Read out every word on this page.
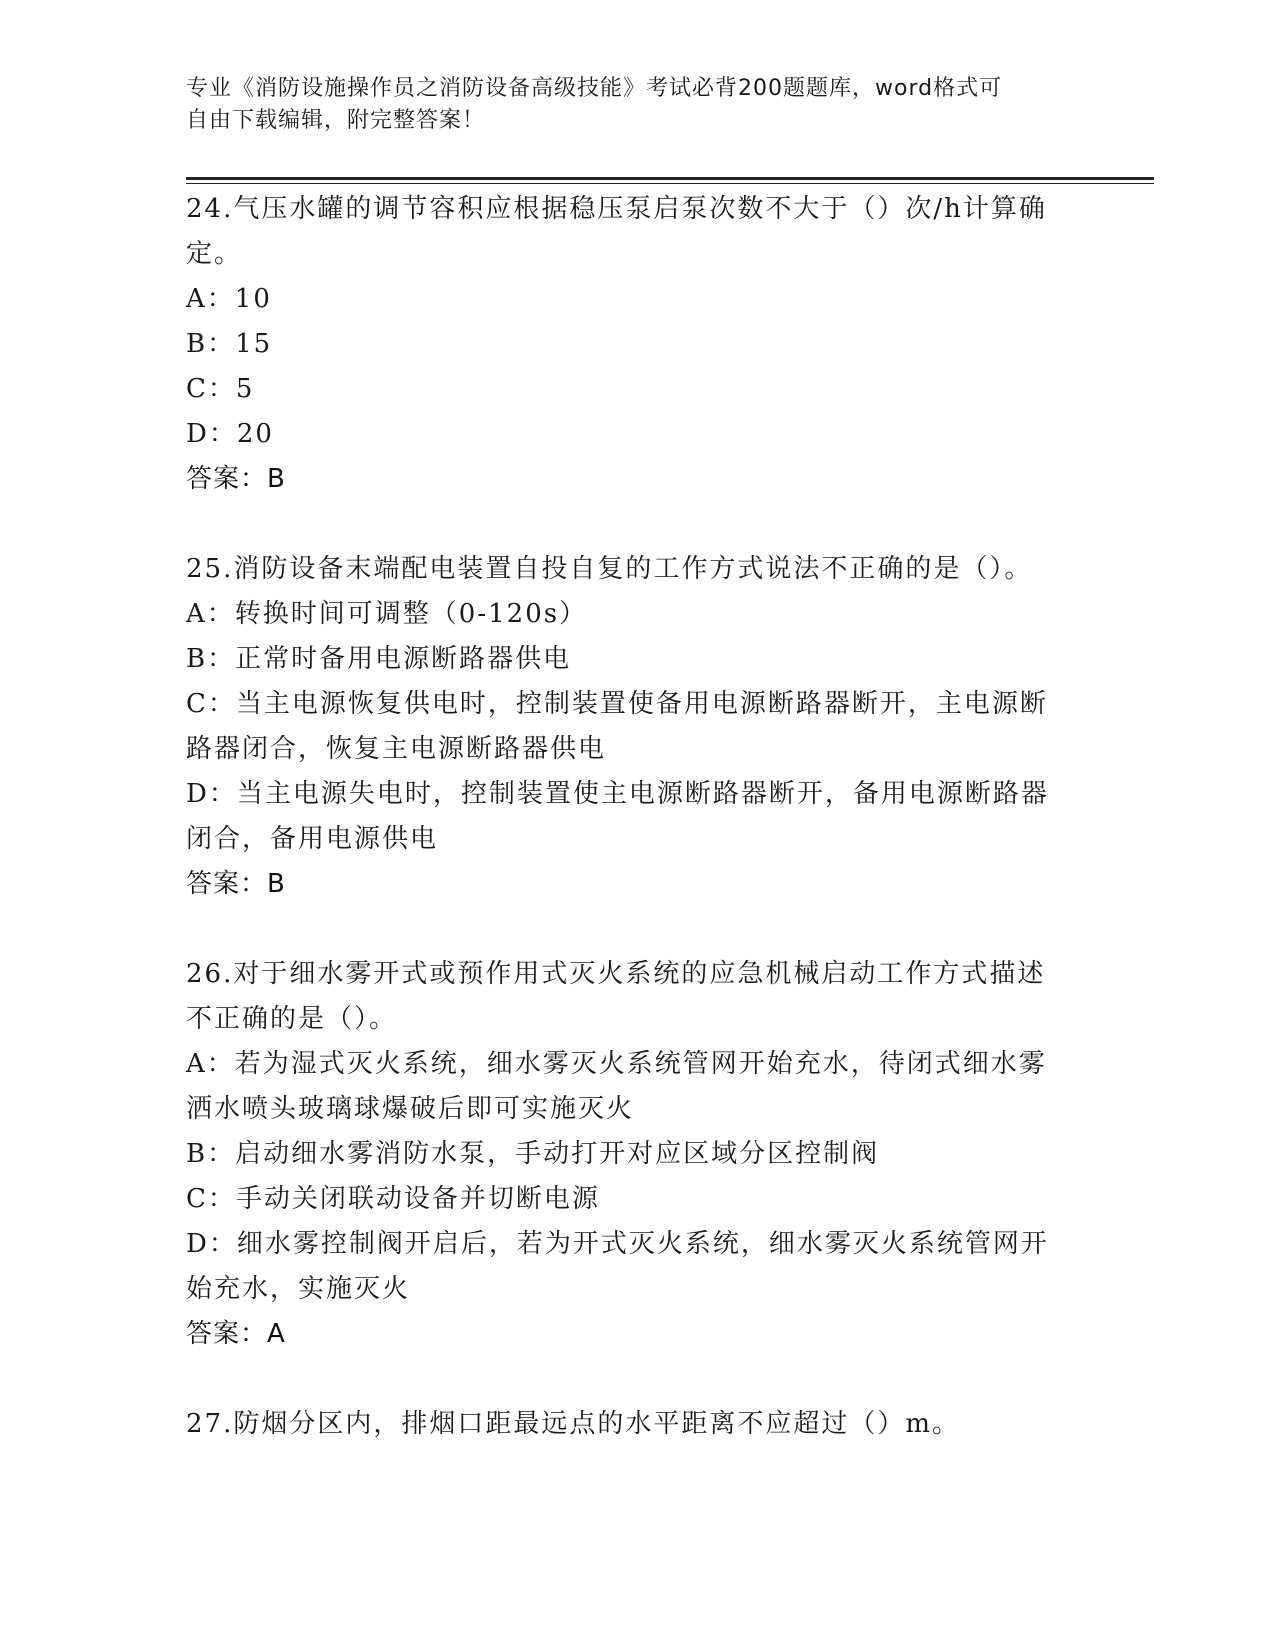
专业《消防设施操作员之消防设备高级技能》考试必背200题题库，word格式可
自由下载编辑，附完整答案！
24.气压水罐的调节容积应根据稳压泵启泵次数不大于（）次/h计算确
定。
A：10
B：15
C：5
D：20
答案：B
25.消防设备末端配电装置自投自复的工作方式说法不正确的是（）。
A：转换时间可调整（0-120s）
B：正常时备用电源断路器供电
C：当主电源恢复供电时，控制装置使备用电源断路器断开，主电源断
路器闭合，恢复主电源断路器供电
D：当主电源失电时，控制装置使主电源断路器断开，备用电源断路器
闭合，备用电源供电
答案：B
26.对于细水雾开式或预作用式灭火系统的应急机械启动工作方式描述
不正确的是（）。
A：若为湿式灭火系统，细水雾灭火系统管网开始充水，待闭式细水雾
洒水喷头玻璃球爆破后即可实施灭火
B：启动细水雾消防水泵，手动打开对应区域分区控制阀
C：手动关闭联动设备并切断电源
D：细水雾控制阀开启后，若为开式灭火系统，细水雾灭火系统管网开
始充水，实施灭火
答案：A
27.防烟分区内，排烟口距最远点的水平距离不应超过（）m。
